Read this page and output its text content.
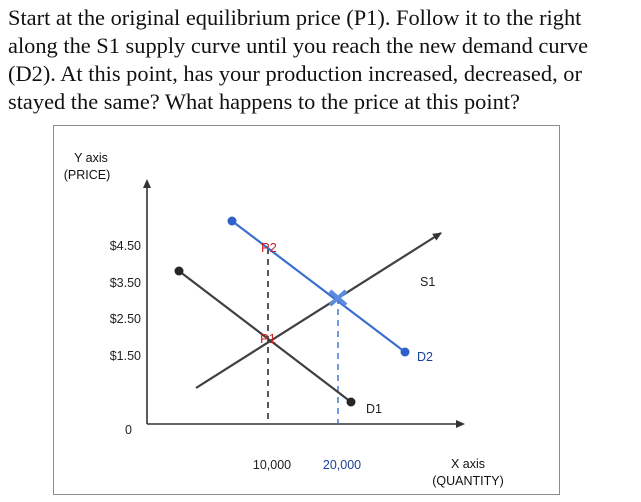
Start at the original equilibrium price (P1). Follow it to the right
along the S1 supply curve until you reach the new demand curve
(D2). At this point, has your production increased, decreased, or
stayed the same? What happens to the price at this point?
Y axis
(PRICE)
X axis
(QUANTITY)
$4.50
$3.50
$2.50
$1.50
0
10,000	20,000
P2
P1
S1
D2
D1
